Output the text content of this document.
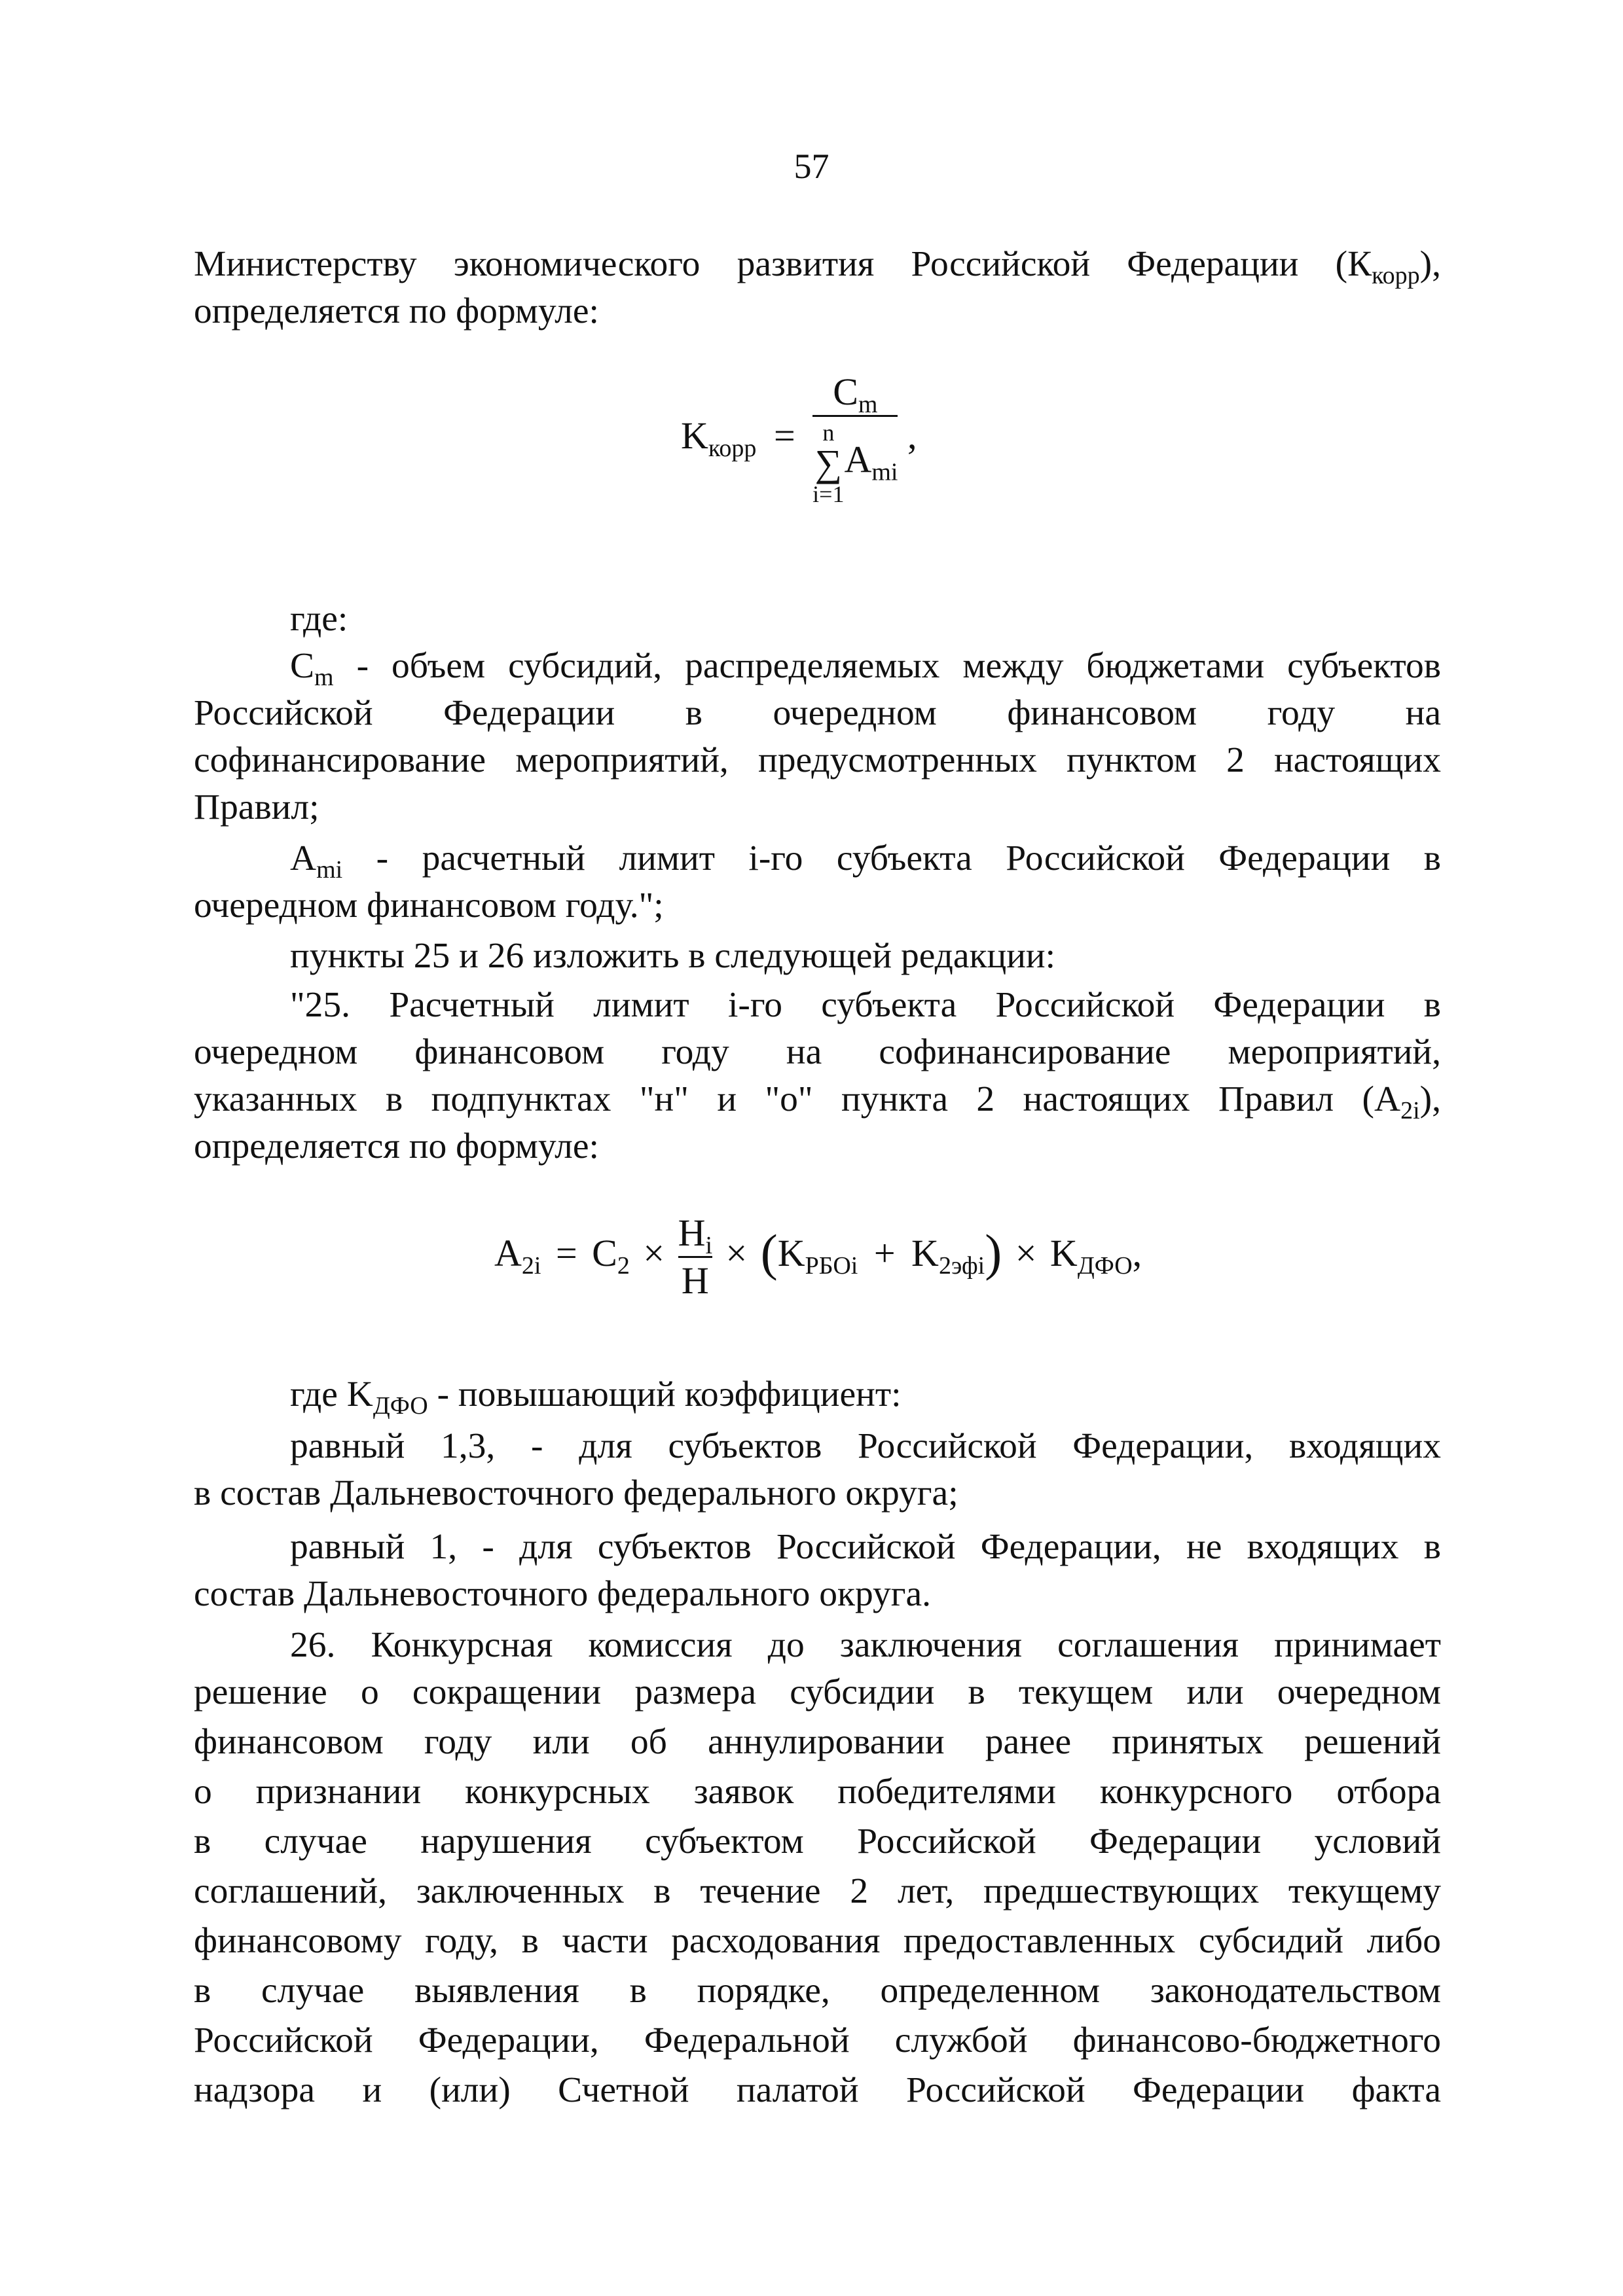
57
Министерству экономического развития Российской Федерации $(К_{корр})$,
определяется по формуле:
$K_{корр} = C_m$
n
∑
i=1
$A_{mi}$ ,
где:
$C_m$ - объем субсидий, распределяемых между бюджетами субъектов
Российской Федерации в очередном финансовом году на
софинансирование мероприятий, предусмотренных пунктом 2 настоящих
Правил;
$A_{mi}$ - расчетный лимит i-го субъекта Российской Федерации в
очередном финансовом году.";
пункты 25 и 26 изложить в следующей редакции:
"25. Расчетный лимит i-го субъекта Российской Федерации в
очередном финансовом году на софинансирование мероприятий,
указанных в подпунктах "н" и "о" пункта 2 настоящих Правил $(A_{2i})$,
определяется по формуле:
$A_{2i} = C_2 \times \frac{H_i}{H} \times (K_{РБОi} + K_{2эфi}) \times K_{ДФО}$,
где $K_{ДФО}$ - повышающий коэффициент:
равный 1,3, - для субъектов Российской Федерации, входящих
в состав Дальневосточного федерального округа;
равный 1, - для субъектов Российской Федерации, не входящих в
состав Дальневосточного федерального округа.
26. Конкурсная комиссия до заключения соглашения принимает
решение о сокращении размера субсидии в текущем или очередном
финансовом году или об аннулировании ранее принятых решений
о признании конкурсных заявок победителями конкурсного отбора
в случае нарушения субъектом Российской Федерации условий
соглашений, заключенных в течение 2 лет, предшествующих текущему
финансовому году, в части расходования предоставленных субсидий либо
в случае выявления в порядке, определенном законодательством
Российской Федерации, Федеральной службой финансово-бюджетного
надзора и (или) Счетной палатой Российской Федерации факта
